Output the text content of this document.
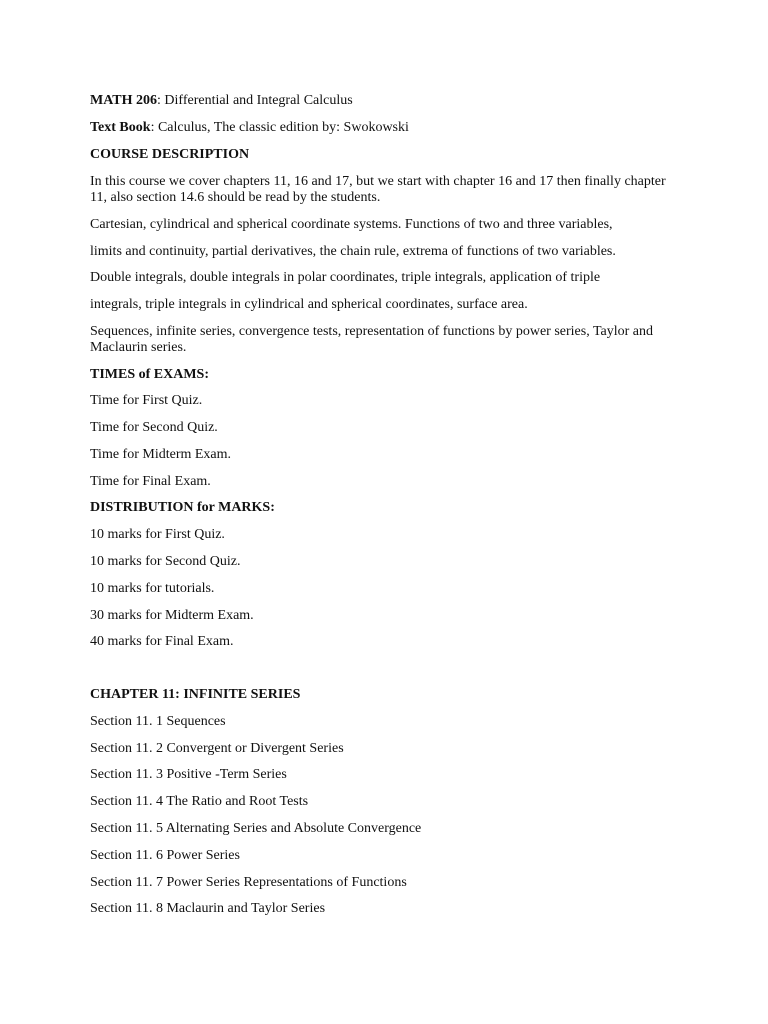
MATH 206: Differential and Integral Calculus
Text Book: Calculus, The classic edition by: Swokowski
COURSE DESCRIPTION
In this course we cover chapters 11, 16 and 17, but we start with chapter 16 and 17 then finally chapter 11, also section 14.6 should be read by the students.
Cartesian, cylindrical and spherical coordinate systems. Functions of two and three variables,
limits and continuity, partial derivatives, the chain rule, extrema of functions of two variables.
Double integrals, double integrals in polar coordinates, triple integrals, application of triple
integrals, triple integrals in cylindrical and spherical coordinates, surface area.
Sequences, infinite series, convergence tests, representation of functions by power series, Taylor and Maclaurin series.
TIMES of EXAMS:
Time for First Quiz.
Time for Second Quiz.
Time for Midterm Exam.
Time for Final Exam.
DISTRIBUTION for MARKS:
10 marks for First Quiz.
10 marks for Second Quiz.
10 marks for tutorials.
30 marks for Midterm Exam.
40 marks for Final Exam.
CHAPTER 11: INFINITE SERIES
Section 11. 1 Sequences
Section 11. 2 Convergent or Divergent Series
Section 11. 3 Positive -Term Series
Section 11. 4 The Ratio and Root Tests
Section 11. 5 Alternating Series and Absolute Convergence
Section 11. 6 Power Series
Section 11. 7 Power Series Representations of Functions
Section 11. 8 Maclaurin and Taylor Series
